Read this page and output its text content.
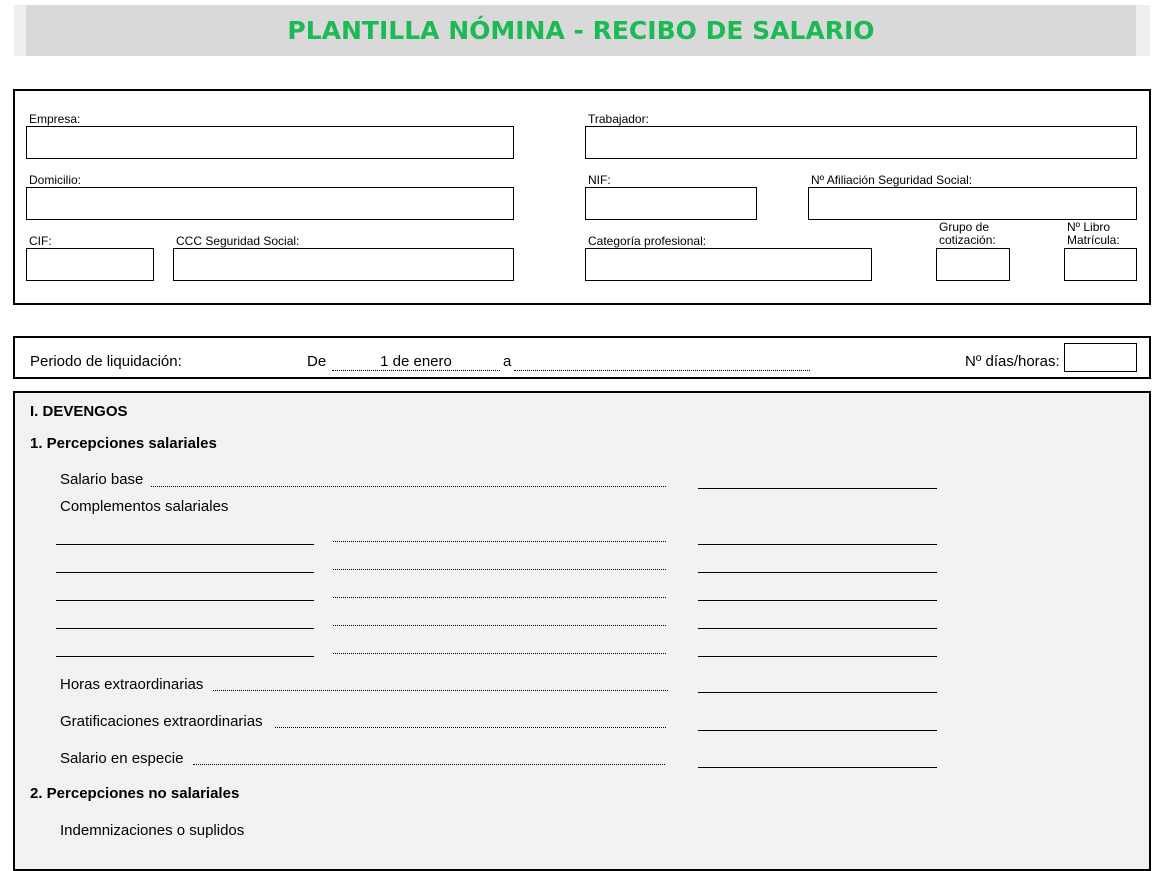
PLANTILLA NÓMINA - RECIBO DE SALARIO
Empresa:	Trabajador:
Domicilio:	NIF:	Nº Afiliación Seguridad Social:
CIF:	CCC Seguridad Social:	Categoría profesional:
Grupo de
cotización:
Nº Libro
Matrícula:
Periodo de liquidación:	De	1 de enero	a	Nº días/horas:
I. DEVENGOS
1. Percepciones salariales
Salario base
Complementos salariales
Horas extraordinarias
Gratificaciones extraordinarias
Salario en especie
2. Percepciones no salariales
Indemnizaciones o suplidos
